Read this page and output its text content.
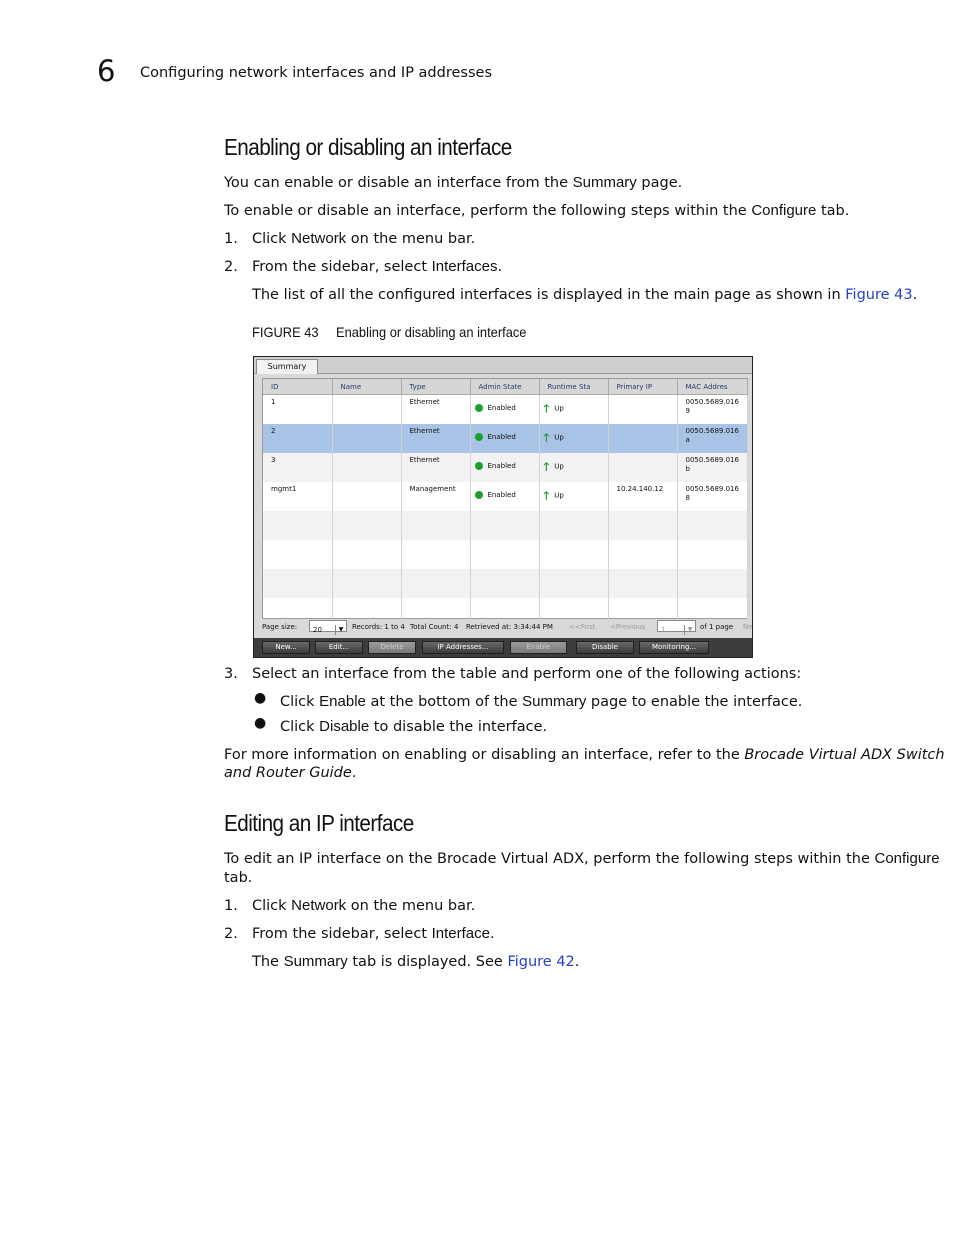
6 Configuring network interfaces and IP addresses
Enabling or disabling an interface
You can enable or disable an interface from the Summary page.
To enable or disable an interface, perform the following steps within the Configure tab.
1. Click Network on the menu bar.
2. From the sidebar, select Interfaces.
The list of all the configured interfaces is displayed in the main page as shown in Figure 43.
FIGURE 43 Enabling or disabling an interface
Summary
ID	Name	Type	Admin State	Runtime Sta	Primary IP	MAC Addres
1		Ethernet	Enabled	🡑 Up		0050.5689.016
9

2		Ethernet	Enabled	🡑 Up		0050.5689.016
a

3		Ethernet	Enabled	🡑 Up		0050.5689.016
b

mgmt1		Management	Enabled	🡑 Up	10.24.140.12	0050.5689.016
8

Page size: 20	▼	Records: 1 to 4 Total Count: 4 Retrieved at: 3:34:44 PM <<First <Previous 1	▼	of 1 page Ne
New...	Edit...	Delete	IP Addresses...	Enable	Disable	Monitoring...
3. Select an interface from the table and perform one of the following actions:
● Click Enable at the bottom of the Summary page to enable the interface.
● Click Disable to disable the interface.
For more information on enabling or disabling an interface, refer to the Brocade Virtual ADX Switch
and Router Guide.
Editing an IP interface
To edit an IP interface on the Brocade Virtual ADX, perform the following steps within the Configure
tab.
1. Click Network on the menu bar.
2. From the sidebar, select Interface.
The Summary tab is displayed. See Figure 42.
